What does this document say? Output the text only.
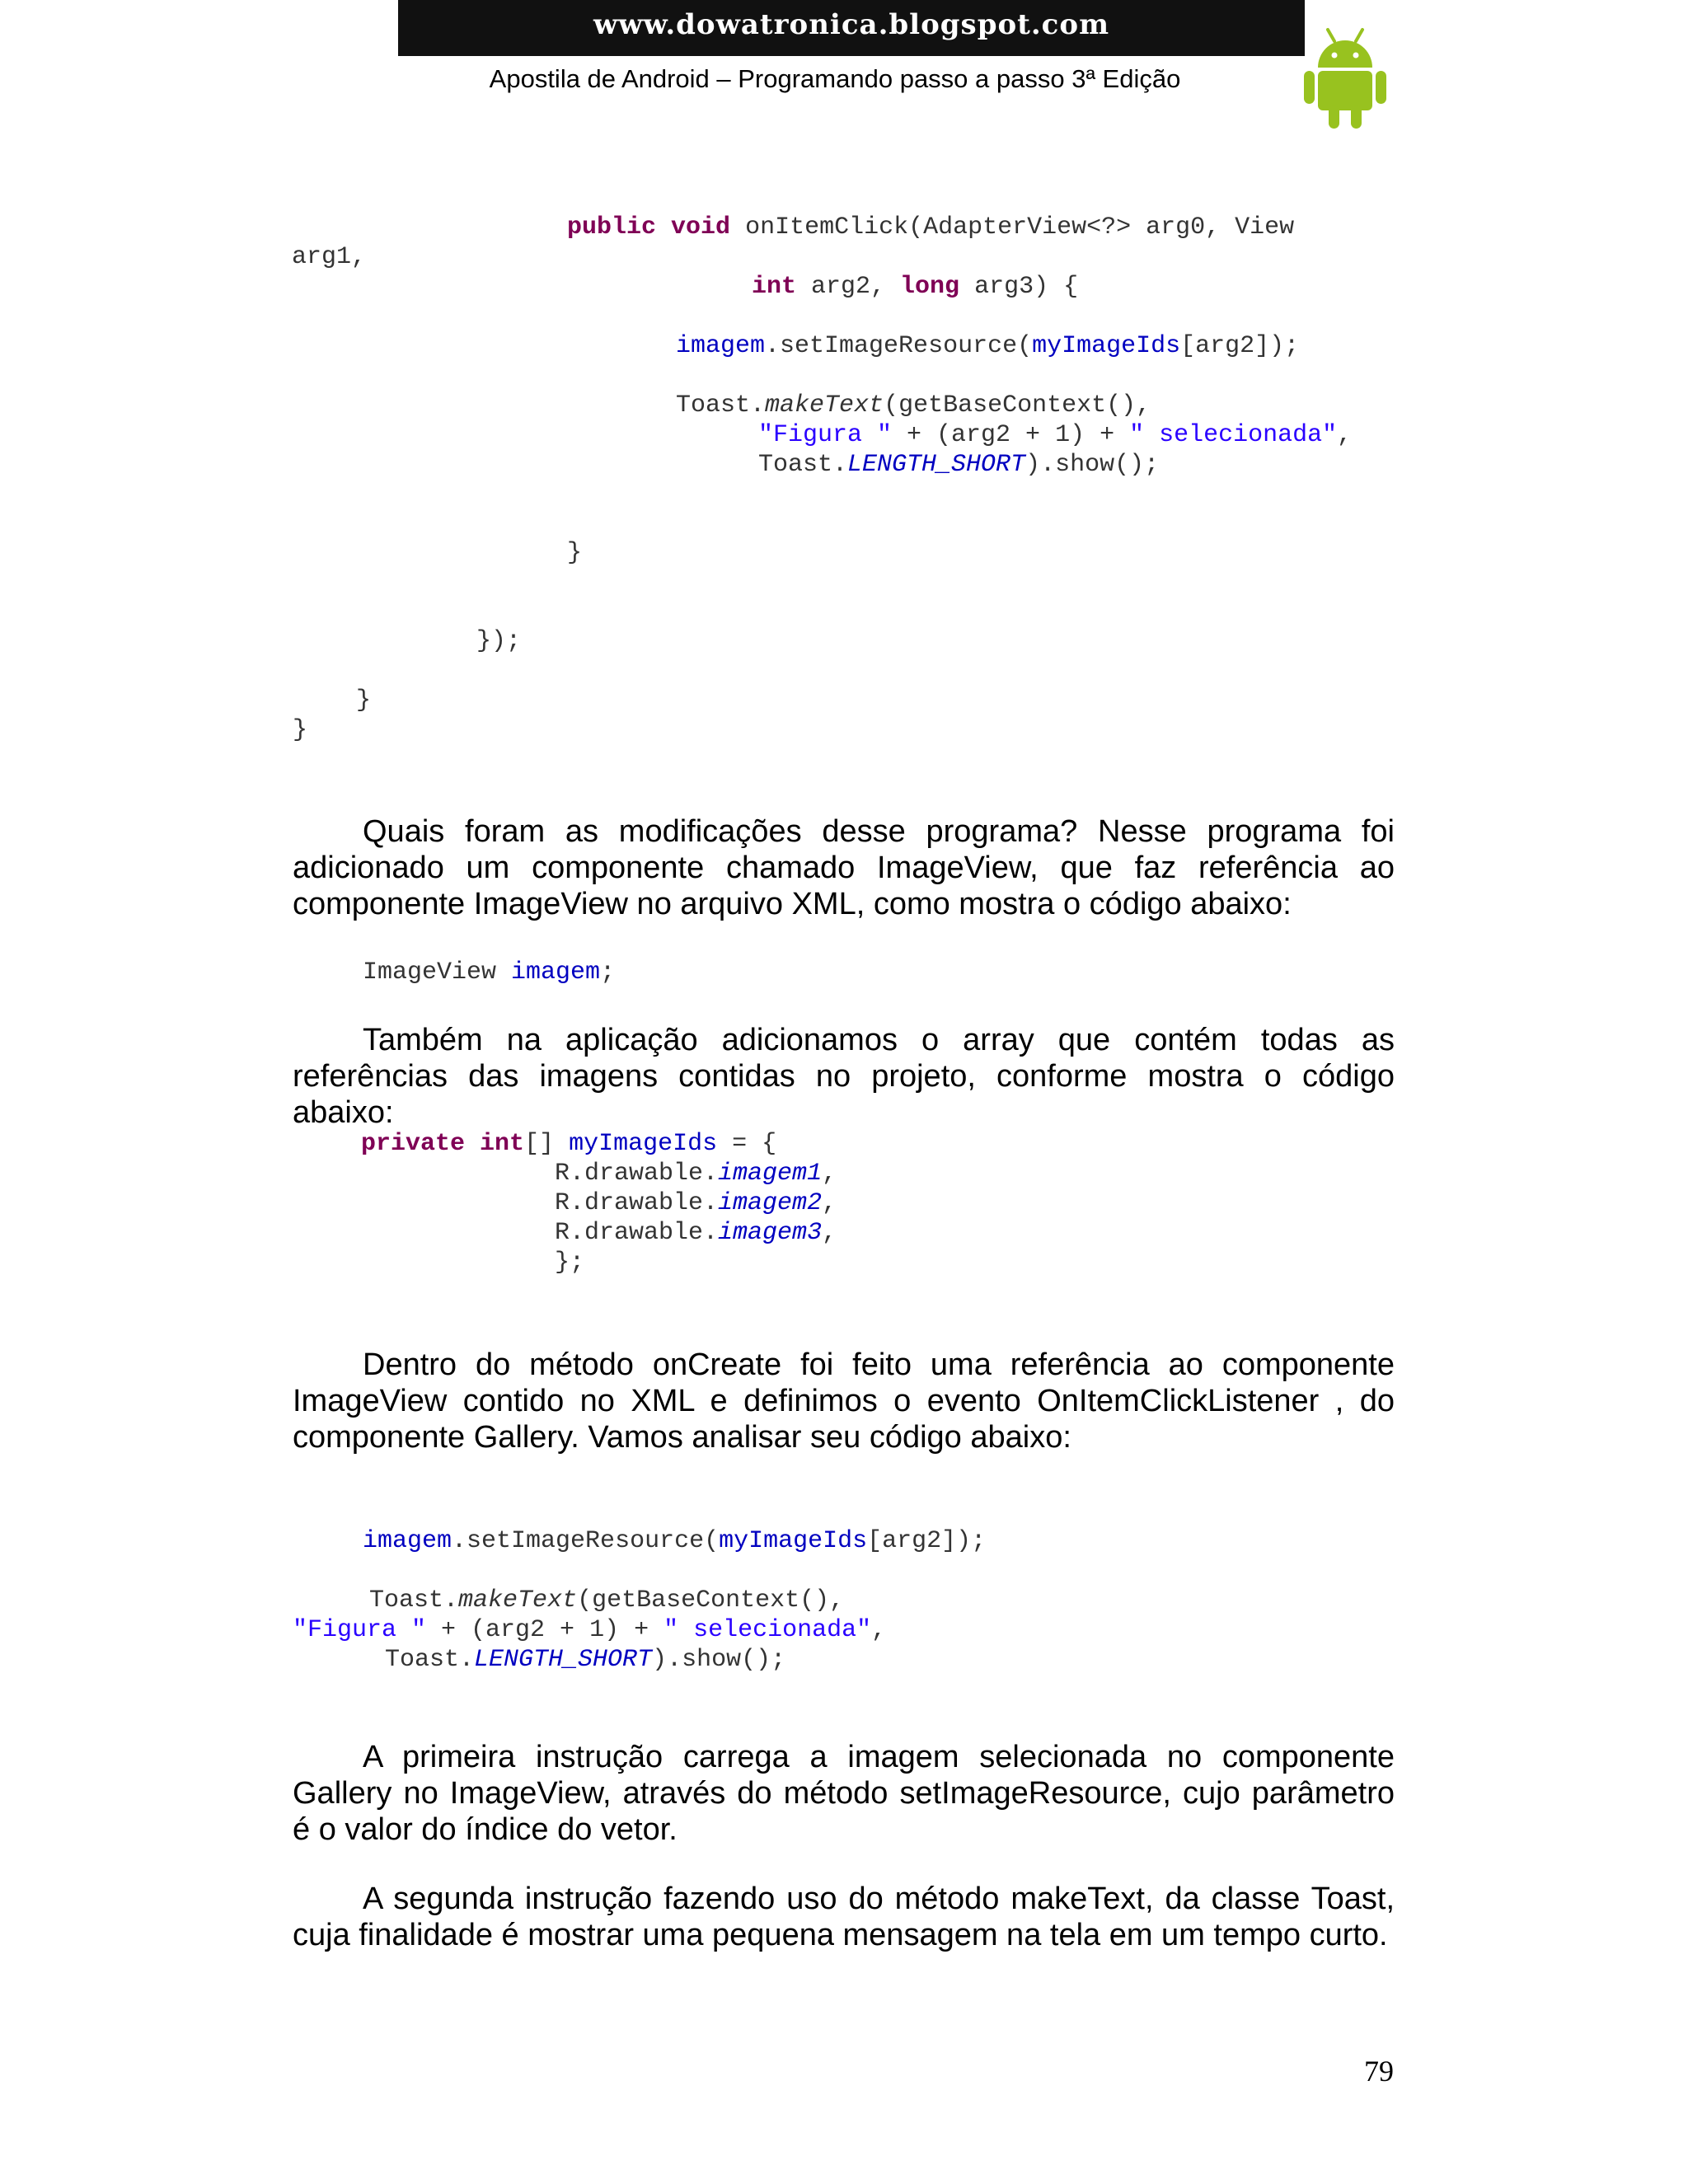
www.dowatronica.blogspot.com
Apostila de Android – Programando passo a passo 3ª Edição
public void onItemClick(AdapterView<?> arg0, View
arg1,
int arg2, long arg3) {
imagem.setImageResource(myImageIds[arg2]);
Toast.makeText(getBaseContext(),
"Figura " + (arg2 + 1) + " selecionada",
Toast.LENGTH_SHORT).show();
}
});
}
}

Quais foram as modificações desse programa? Nesse programa foi adicionado um componente chamado ImageView, que faz referência ao componente ImageView no arquivo XML, como mostra o código abaixo:

ImageView imagem;

Também na aplicação adicionamos o array que contém todas as referências das imagens contidas no projeto, conforme mostra o código abaixo:

private int[] myImageIds = {
R.drawable.imagem1,
R.drawable.imagem2,
R.drawable.imagem3,
};

Dentro do método onCreate foi feito uma referência ao componente ImageView contido no XML e definimos o evento OnItemClickListener , do componente Gallery. Vamos analisar seu código abaixo:

imagem.setImageResource(myImageIds[arg2]);
Toast.makeText(getBaseContext(),
"Figura " + (arg2 + 1) + " selecionada",
Toast.LENGTH_SHORT).show();

A primeira instrução carrega a imagem selecionada no componente Gallery no ImageView, através do método setImageResource, cujo parâmetro é o valor do índice do vetor.

A segunda instrução fazendo uso do método makeText, da classe Toast, cuja finalidade é mostrar uma pequena mensagem na tela em um tempo curto.

79
